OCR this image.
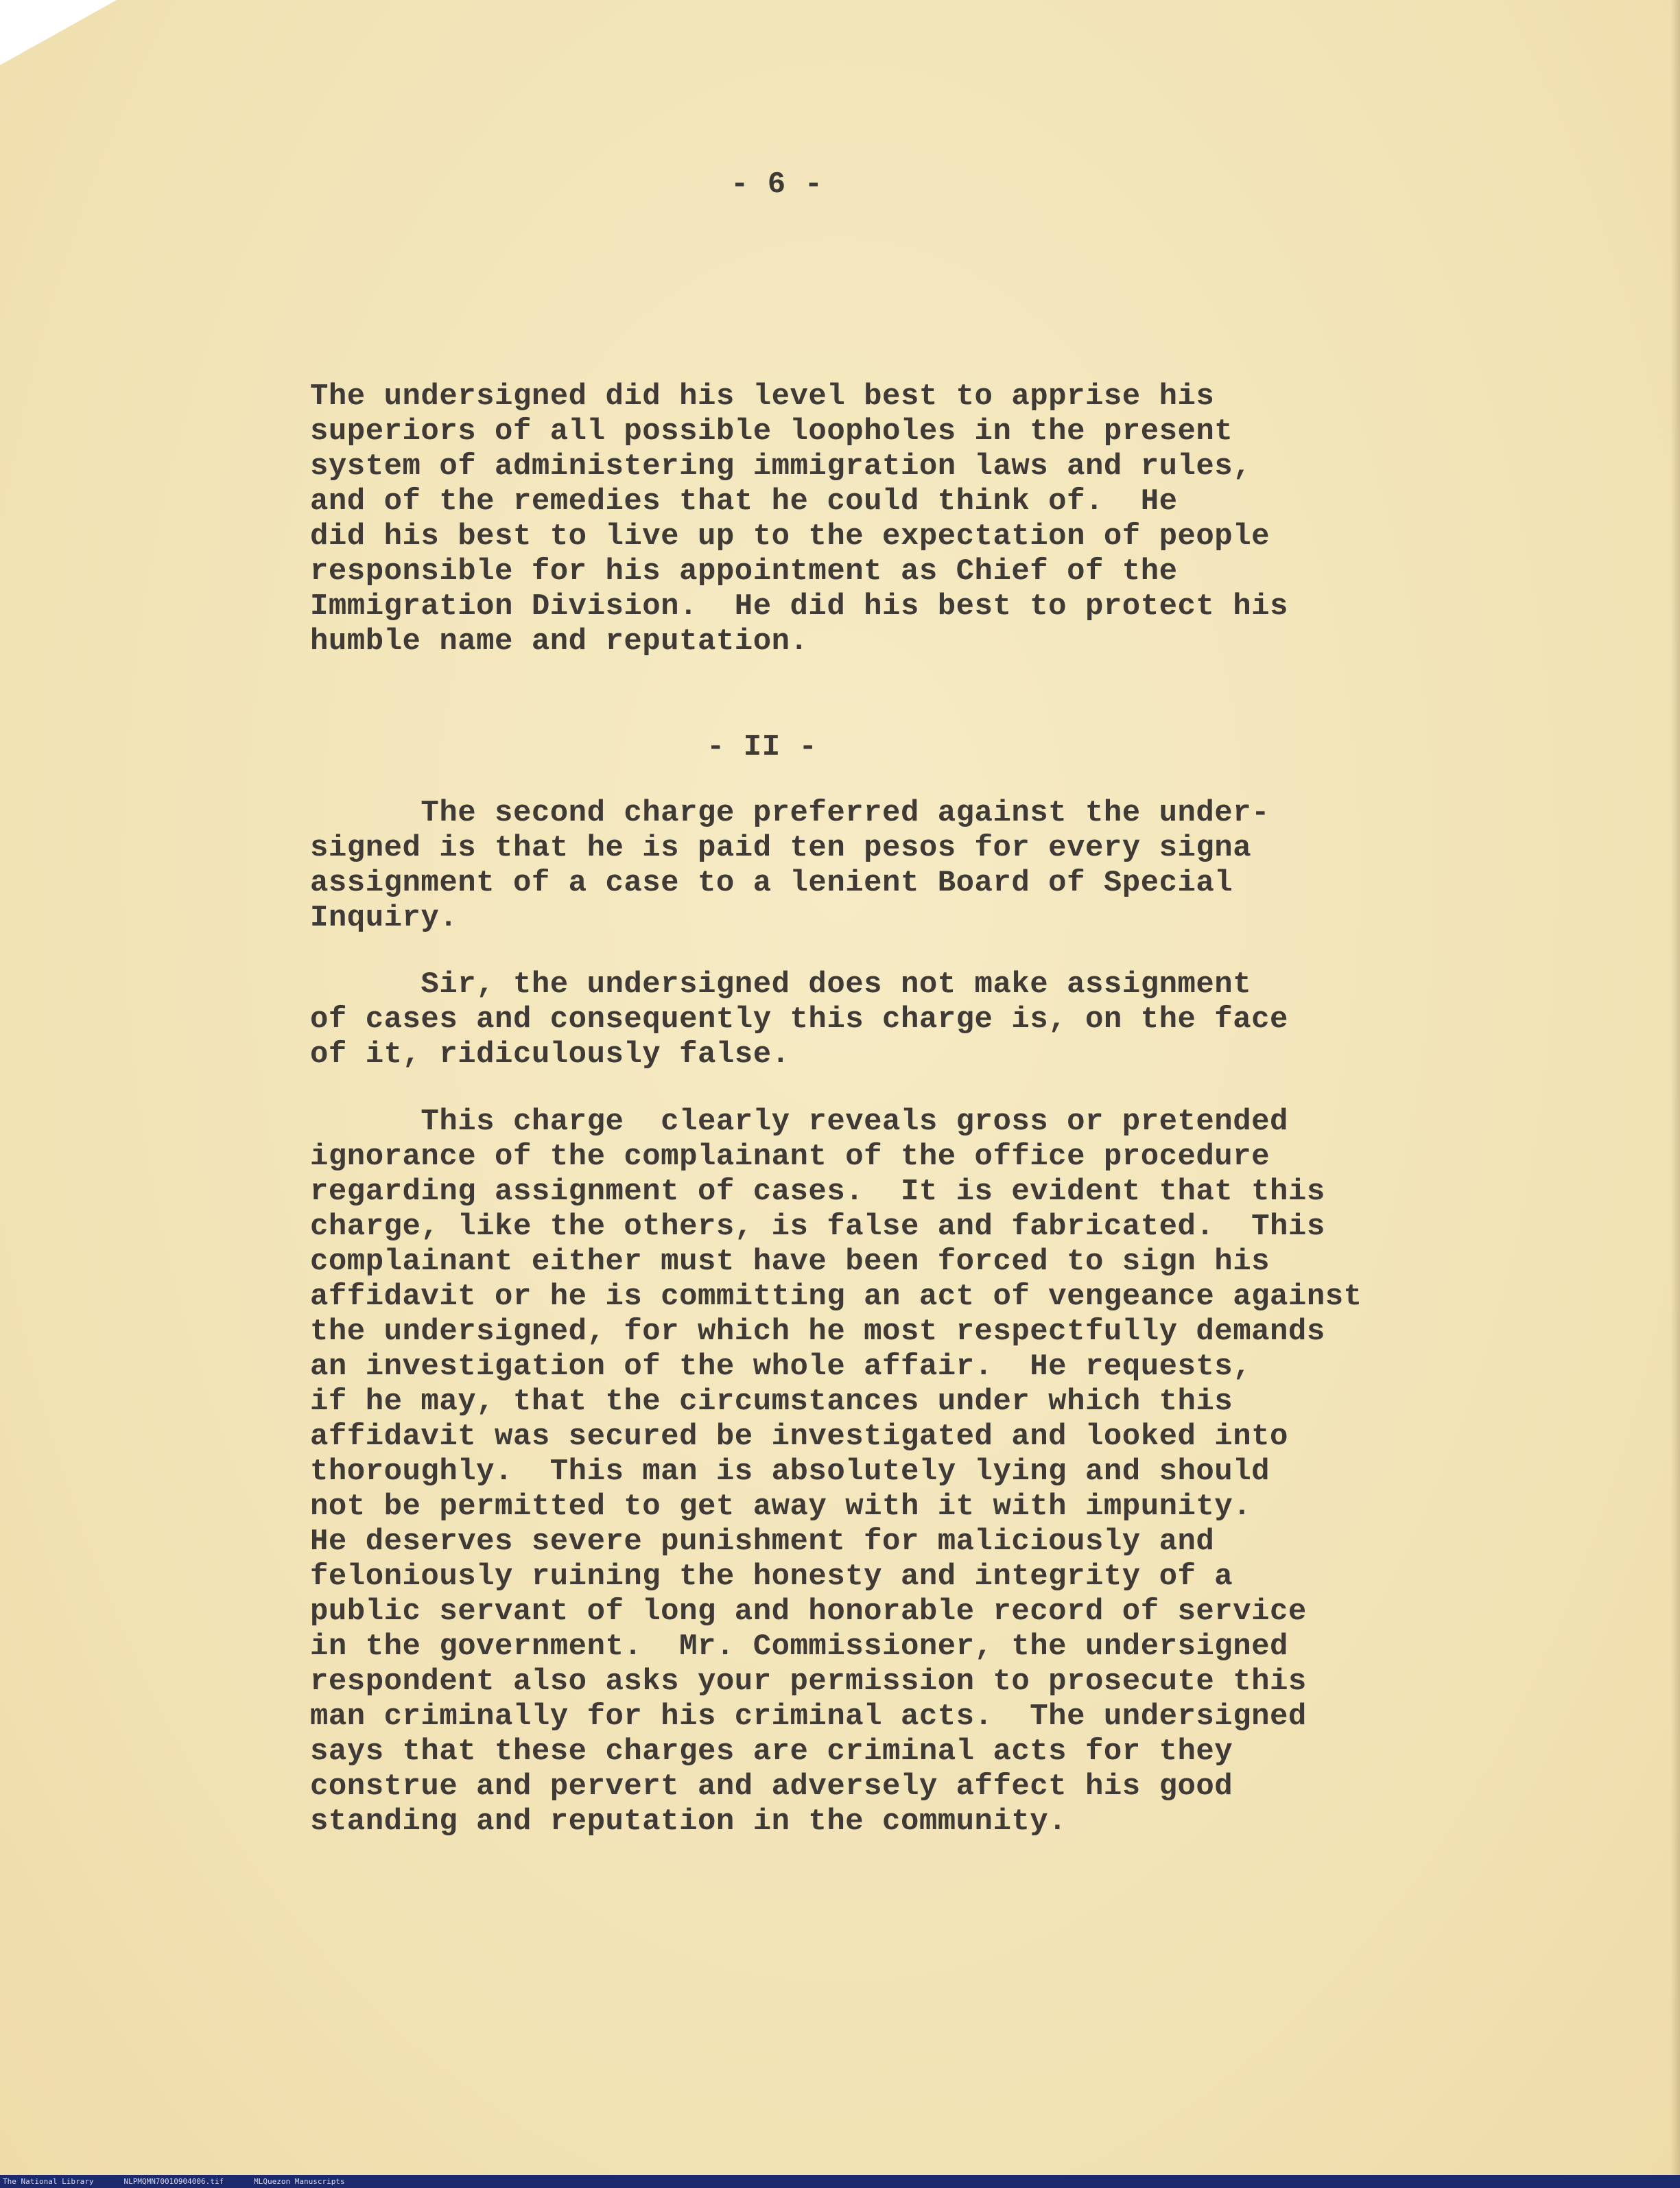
- 6 -

The undersigned did his level best to apprise his
superiors of all possible loopholes in the present
system of administering immigration laws and rules,
and of the remedies that he could think of.  He
did his best to live up to the expectation of people
responsible for his appointment as Chief of the
Immigration Division.  He did his best to protect his
humble name and reputation.

- II -

The second charge preferred against the under-
signed is that he is paid ten pesos for every signa
assignment of a case to a lenient Board of Special
Inquiry.

Sir, the undersigned does not make assignment
of cases and consequently this charge is, on the face
of it, ridiculously false.

This charge  clearly reveals gross or pretended
ignorance of the complainant of the office procedure
regarding assignment of cases.  It is evident that this
charge, like the others, is false and fabricated.  This
complainant either must have been forced to sign his
affidavit or he is committing an act of vengeance against
the undersigned, for which he most respectfully demands
an investigation of the whole affair.  He requests,
if he may, that the circumstances under which this
affidavit was secured be investigated and looked into
thoroughly.  This man is absolutely lying and should
not be permitted to get away with it with impunity.
He deserves severe punishment for maliciously and
feloniously ruining the honesty and integrity of a
public servant of long and honorable record of service
in the government.  Mr. Commissioner, the undersigned
respondent also asks your permission to prosecute this
man criminally for his criminal acts.  The undersigned
says that these charges are criminal acts for they
construe and pervert and adversely affect his good
standing and reputation in the community.

The National Library	NLPMQMN70010904006.tif	MLQuezon Manuscripts
